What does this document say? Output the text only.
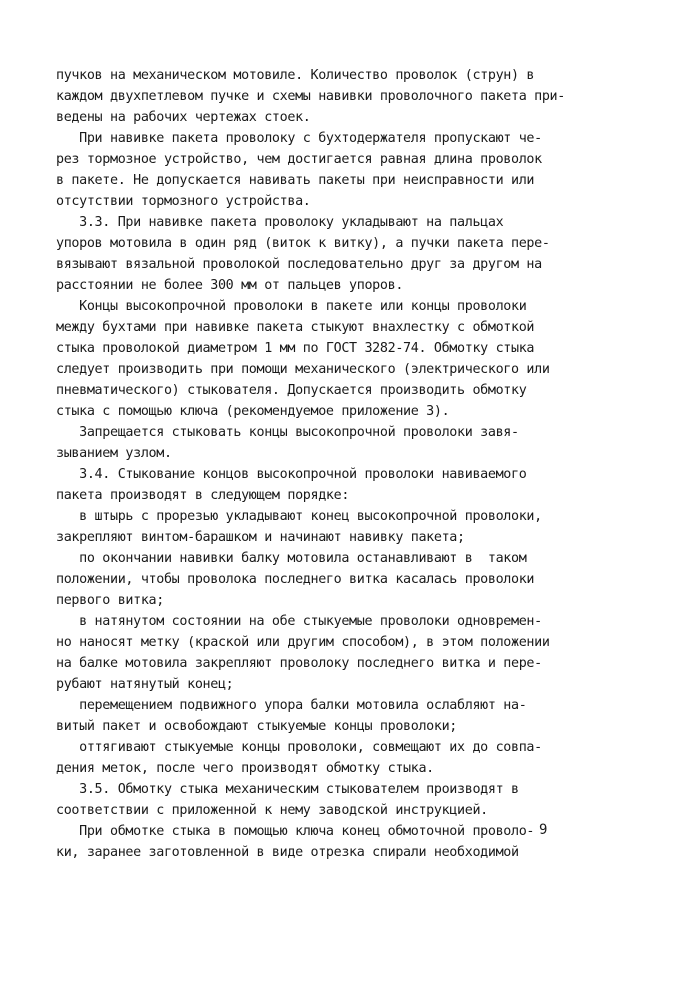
пучков на механическом мотовиле. Количество проволок (струн) в
каждом двухпетлевом пучке и схемы навивки проволочного пакета при-
ведены на рабочих чертежах стоек.
При навивке пакета проволоку с бухтодержателя пропускают че-
рез тормозное устройство, чем достигается равная длина проволок
в пакете. Не допускается навивать пакеты при неисправности или
отсутствии тормозного устройства.
3.3. При навивке пакета проволоку укладывают на пальцах
упоров мотовила в один ряд (виток к витку), а пучки пакета пере-
вязывают вязальной проволокой последовательно друг за другом на
расстоянии не более 300 мм от пальцев упоров.
Концы высокопрочной проволоки в пакете или концы проволоки
между бухтами при навивке пакета стыкуют внахлестку с обмоткой
стыка проволокой диаметром 1 мм по ГОСТ 3282-74. Обмотку стыка
следует производить при помощи механического (электрического или
пневматического) стыкователя. Допускается производить обмотку
стыка с помощью ключа (рекомендуемое приложение 3).
Запрещается стыковать концы высокопрочной проволоки завя-
зыванием узлом.
3.4. Стыкование концов высокопрочной проволоки навиваемого
пакета производят в следующем порядке:
в штырь с прорезью укладывают конец высокопрочной проволоки,
закрепляют винтом-барашком и начинают навивку пакета;
по окончании навивки балку мотовила останавливают в  таком
положении, чтобы проволока последнего витка касалась проволоки
первого витка;
в натянутом состоянии на обе стыкуемые проволоки одновремен-
но наносят метку (краской или другим способом), в этом положении
на балке мотовила закрепляют проволоку последнего витка и пере-
рубают натянутый конец;
перемещением подвижного упора балки мотовила ослабляют на-
витый пакет и освобождают стыкуемые концы проволоки;
оттягивают стыкуемые концы проволоки, совмещают их до совпа-
дения меток, после чего производят обмотку стыка.
3.5. Обмотку стыка механическим стыкователем производят в
соответствии с приложенной к нему заводской инструкцией.
При обмотке стыка в помощью ключа конец обмоточной проволо-
ки, заранее заготовленной в виде отрезка спирали необходимой
9
